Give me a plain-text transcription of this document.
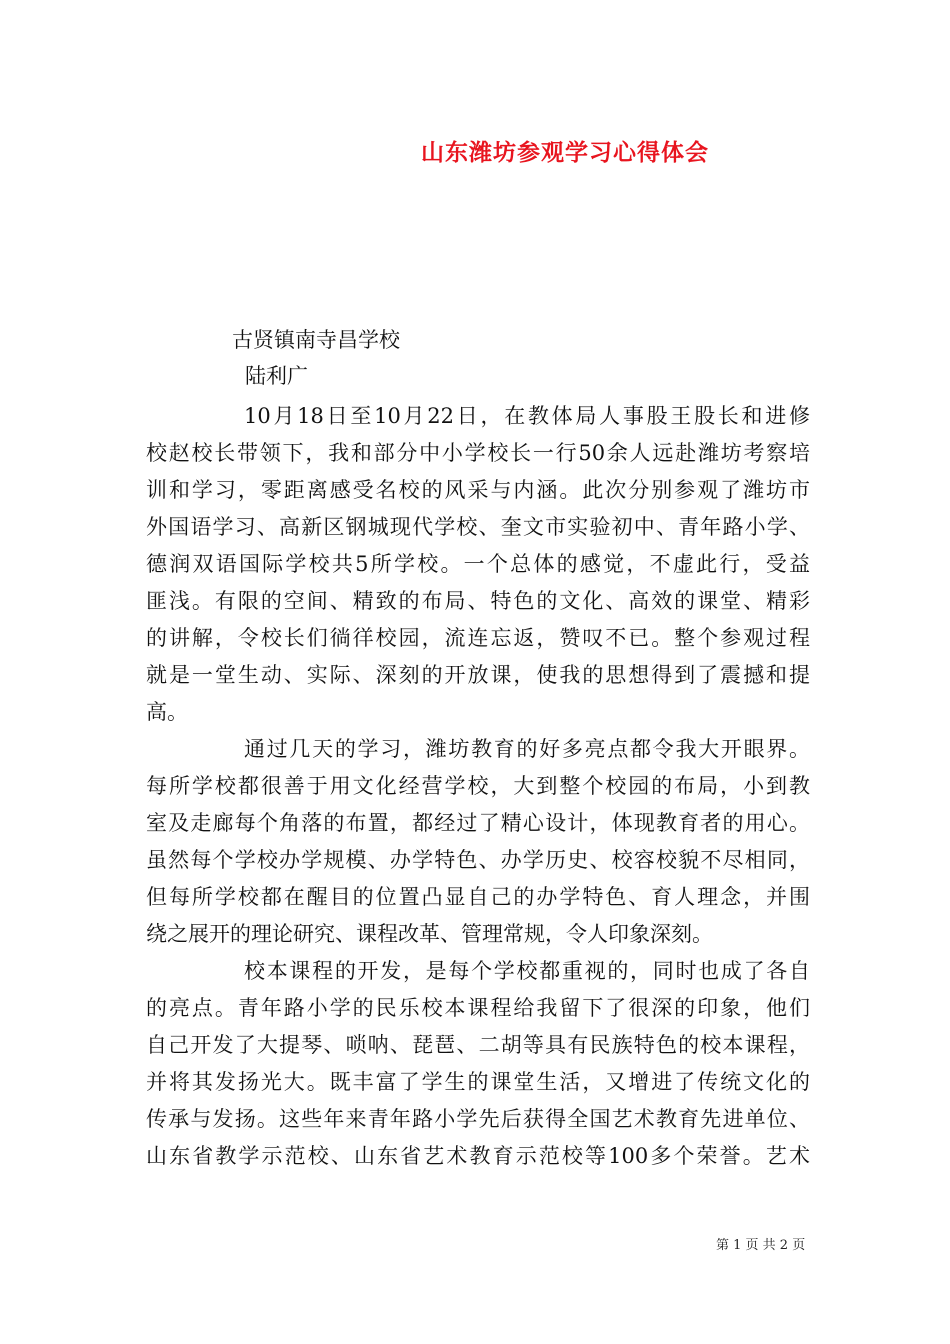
山东潍坊参观学习心得体会
古贤镇南寺昌学校
陆利广
10月18日至10月22日，在教体局人事股王股长和进修
校赵校长带领下，我和部分中小学校长一行50余人远赴潍坊考察培
训和学习，零距离感受名校的风采与内涵。此次分别参观了潍坊市
外国语学习、高新区钢城现代学校、奎文市实验初中、青年路小学、
德润双语国际学校共5所学校。一个总体的感觉，不虚此行，受益
匪浅。有限的空间、精致的布局、特色的文化、高效的课堂、精彩
的讲解，令校长们徜徉校园，流连忘返，赞叹不已。整个参观过程
就是一堂生动、实际、深刻的开放课，使我的思想得到了震撼和提
高。
通过几天的学习，潍坊教育的好多亮点都令我大开眼界。
每所学校都很善于用文化经营学校，大到整个校园的布局，小到教
室及走廊每个角落的布置，都经过了精心设计，体现教育者的用心。
虽然每个学校办学规模、办学特色、办学历史、校容校貌不尽相同，
但每所学校都在醒目的位置凸显自己的办学特色、育人理念，并围
绕之展开的理论研究、课程改革、管理常规，令人印象深刻。
校本课程的开发，是每个学校都重视的，同时也成了各自
的亮点。青年路小学的民乐校本课程给我留下了很深的印象，他们
自己开发了大提琴、唢呐、琵琶、二胡等具有民族特色的校本课程，
并将其发扬光大。既丰富了学生的课堂生活，又增进了传统文化的
传承与发扬。这些年来青年路小学先后获得全国艺术教育先进单位、
山东省教学示范校、山东省艺术教育示范校等100多个荣誉。艺术
第 1 页 共 2 页
